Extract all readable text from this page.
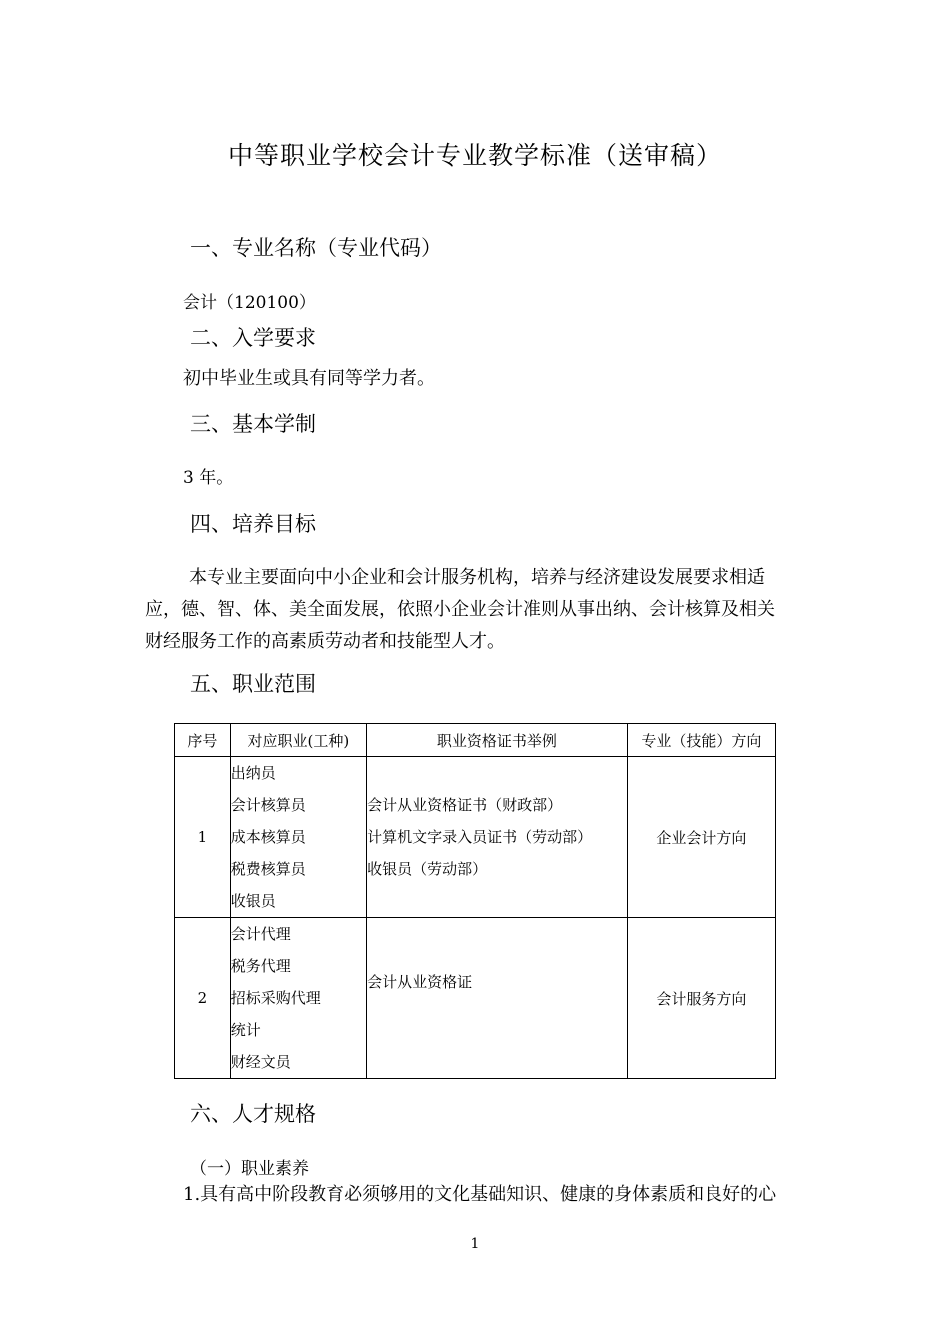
中等职业学校会计专业教学标准（送审稿）
一、专业名称（专业代码）
会计（120100）
二、入学要求
初中毕业生或具有同等学力者。
三、基本学制
3 年。
四、培养目标
本专业主要面向中小企业和会计服务机构，培养与经济建设发展要求相适
应，德、智、体、美全面发展，依照小企业会计准则从事出纳、会计核算及相关
财经服务工作的高素质劳动者和技能型人才。
五、职业范围
序号	对应职业(工种)	职业资格证书举例	专业（技能）方向
1	出纳员
会计核算员
成本核算员
税费核算员
收银员	会计从业资格证书（财政部）
计算机文字录入员证书（劳动部）
收银员（劳动部）	企业会计方向
2	会计代理
税务代理
招标采购代理
统计
财经文员	会计从业资格证	会计服务方向
六、人才规格
（一）职业素养
1.具有高中阶段教育必须够用的文化基础知识、健康的身体素质和良好的心
1
